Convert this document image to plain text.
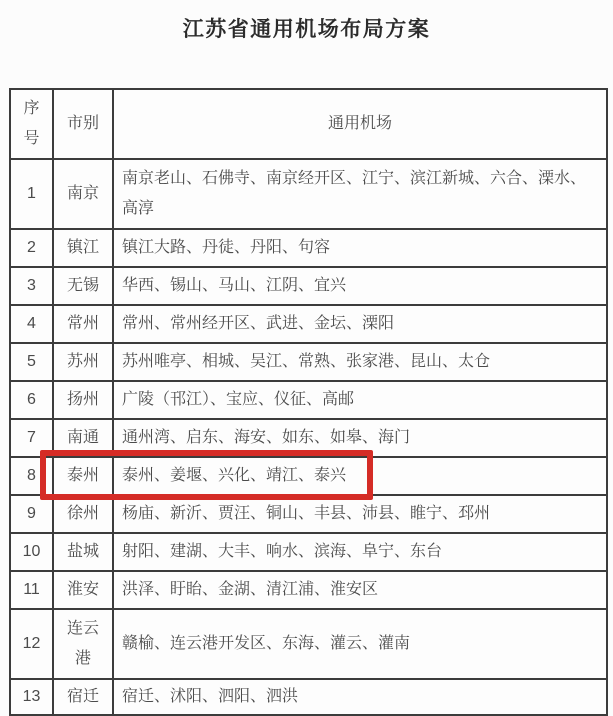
江苏省通用机场布局方案
序号	市别	通用机场
1	南京	南京老山、石佛寺、南京经开区、江宁、滨江新城、六合、溧水、高淳
2	镇江	镇江大路、丹徒、丹阳、句容
3	无锡	华西、锡山、马山、江阴、宜兴
4	常州	常州、常州经开区、武进、金坛、溧阳
5	苏州	苏州唯亭、相城、吴江、常熟、张家港、昆山、太仓
6	扬州	广陵（邗江）、宝应、仪征、高邮
7	南通	通州湾、启东、海安、如东、如皋、海门
8	泰州	泰州、姜堰、兴化、靖江、泰兴
9	徐州	杨庙、新沂、贾汪、铜山、丰县、沛县、睢宁、邳州
10	盐城	射阳、建湖、大丰、响水、滨海、阜宁、东台
11	淮安	洪泽、盱眙、金湖、清江浦、淮安区
12	连云港	赣榆、连云港开发区、东海、灌云、灌南
13	宿迁	宿迁、沭阳、泗阳、泗洪
